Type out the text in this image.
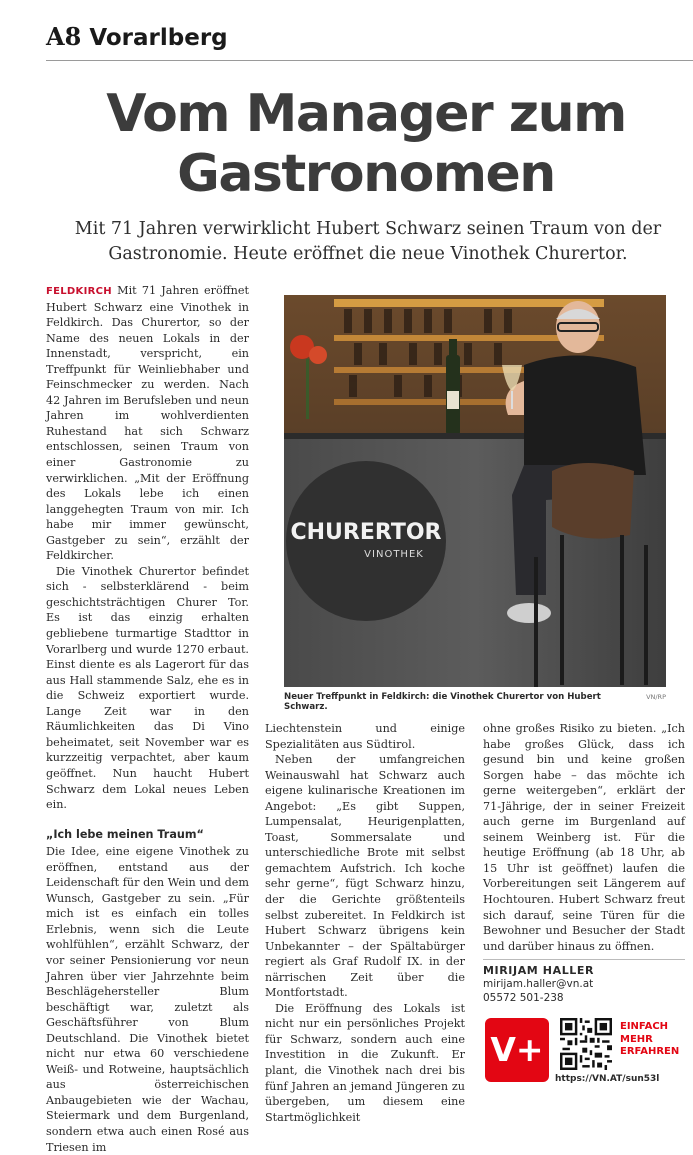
A8 Vorarlberg
Vom Manager zum Gastronomen
Mit 71 Jahren verwirklicht Hubert Schwarz seinen Traum von der Gastronomie. Heute eröffnet die neue Vinothek Churertor.

FELDKIRCH Mit 71 Jahren eröffnet Hubert Schwarz eine Vinothek in Feldkirch. Das Churertor, so der Name des neuen Lokals in der Innenstadt, verspricht, ein Treffpunkt für Weinliebhaber und Feinschmecker zu werden. Nach 42 Jahren im Berufsleben und neun Jahren im wohlverdienten Ruhestand hat sich Schwarz entschlossen, seinen Traum von einer Gastronomie zu verwirklichen. „Mit der Eröffnung des Lokals lebe ich einen langgehegten Traum von mir. Ich habe mir immer gewünscht, Gastgeber zu sein“, erzählt der Feldkircher.

Die Vinothek Churertor befindet sich - selbsterklärend - beim geschichtsträchtigen Churer Tor. Es ist das einzig erhalten gebliebene turmartige Stadttor in Vorarlberg und wurde 1270 erbaut. Einst diente es als Lagerort für das aus Hall stammende Salz, ehe es in die Schweiz exportiert wurde. Lange Zeit war in den Räumlichkeiten das Di Vino beheimatet, seit November war es kurzzeitig verpachtet, aber kaum geöffnet. Nun haucht Hubert Schwarz dem Lokal neues Leben ein.

„Ich lebe meinen Traum“

Die Idee, eine eigene Vinothek zu eröffnen, entstand aus der Leidenschaft für den Wein und dem Wunsch, Gastgeber zu sein. „Für mich ist es einfach ein tolles Erlebnis, wenn sich die Leute wohlfühlen“, erzählt Schwarz, der vor seiner Pensionierung vor neun Jahren über vier Jahrzehnte beim Beschlägehersteller Blum beschäftigt war, zuletzt als Geschäftsführer von Blum Deutschland. Die Vinothek bietet nicht nur etwa 60 verschiedene Weiß- und Rotweine, hauptsächlich aus österreichischen Anbaugebieten wie der Wachau, Steiermark und dem Burgenland, sondern etwa auch einen Rosé aus Triesen im

CHURERTOR
VINOTHEK
Neuer Treffpunkt in Feldkirch: die Vinothek Churertor von Hubert Schwarz.
VN/RP

Liechtenstein und einige Spezialitäten aus Südtirol.

Neben der umfangreichen Weinauswahl hat Schwarz auch eigene kulinarische Kreationen im Angebot: „Es gibt Suppen, Lumpensalat, Heurigenplatten, Toast, Sommersalate und unterschiedliche Brote mit selbst gemachtem Aufstrich. Ich koche sehr gerne“, fügt Schwarz hinzu, der die Gerichte größtenteils selbst zubereitet. In Feldkirch ist Hubert Schwarz übrigens kein Unbekannter – der Spältabürger regiert als Graf Rudolf IX. in der närrischen Zeit über die Montfortstadt.

Die Eröffnung des Lokals ist nicht nur ein persönliches Projekt für Schwarz, sondern auch eine Investition in die Zukunft. Er plant, die Vinothek nach drei bis fünf Jahren an jemand Jüngeren zu übergeben, um diesem eine Startmöglichkeit

ohne großes Risiko zu bieten. „Ich habe großes Glück, dass ich gesund bin und keine großen Sorgen habe – das möchte ich gerne weitergeben“, erklärt der 71-Jährige, der in seiner Freizeit auch gerne im Burgenland auf seinem Weinberg ist. Für die heutige Eröffnung (ab 18 Uhr, ab 15 Uhr ist geöffnet) laufen die Vorbereitungen seit Längerem auf Hochtouren. Hubert Schwarz freut sich darauf, seine Türen für die Bewohner und Besucher der Stadt und darüber hinaus zu öffnen.

MIRIJAM HALLER
mirijam.haller@vn.at
05572 501-238
V+
EINFACH
MEHR
ERFAHREN
https://VN.AT/sun53l
